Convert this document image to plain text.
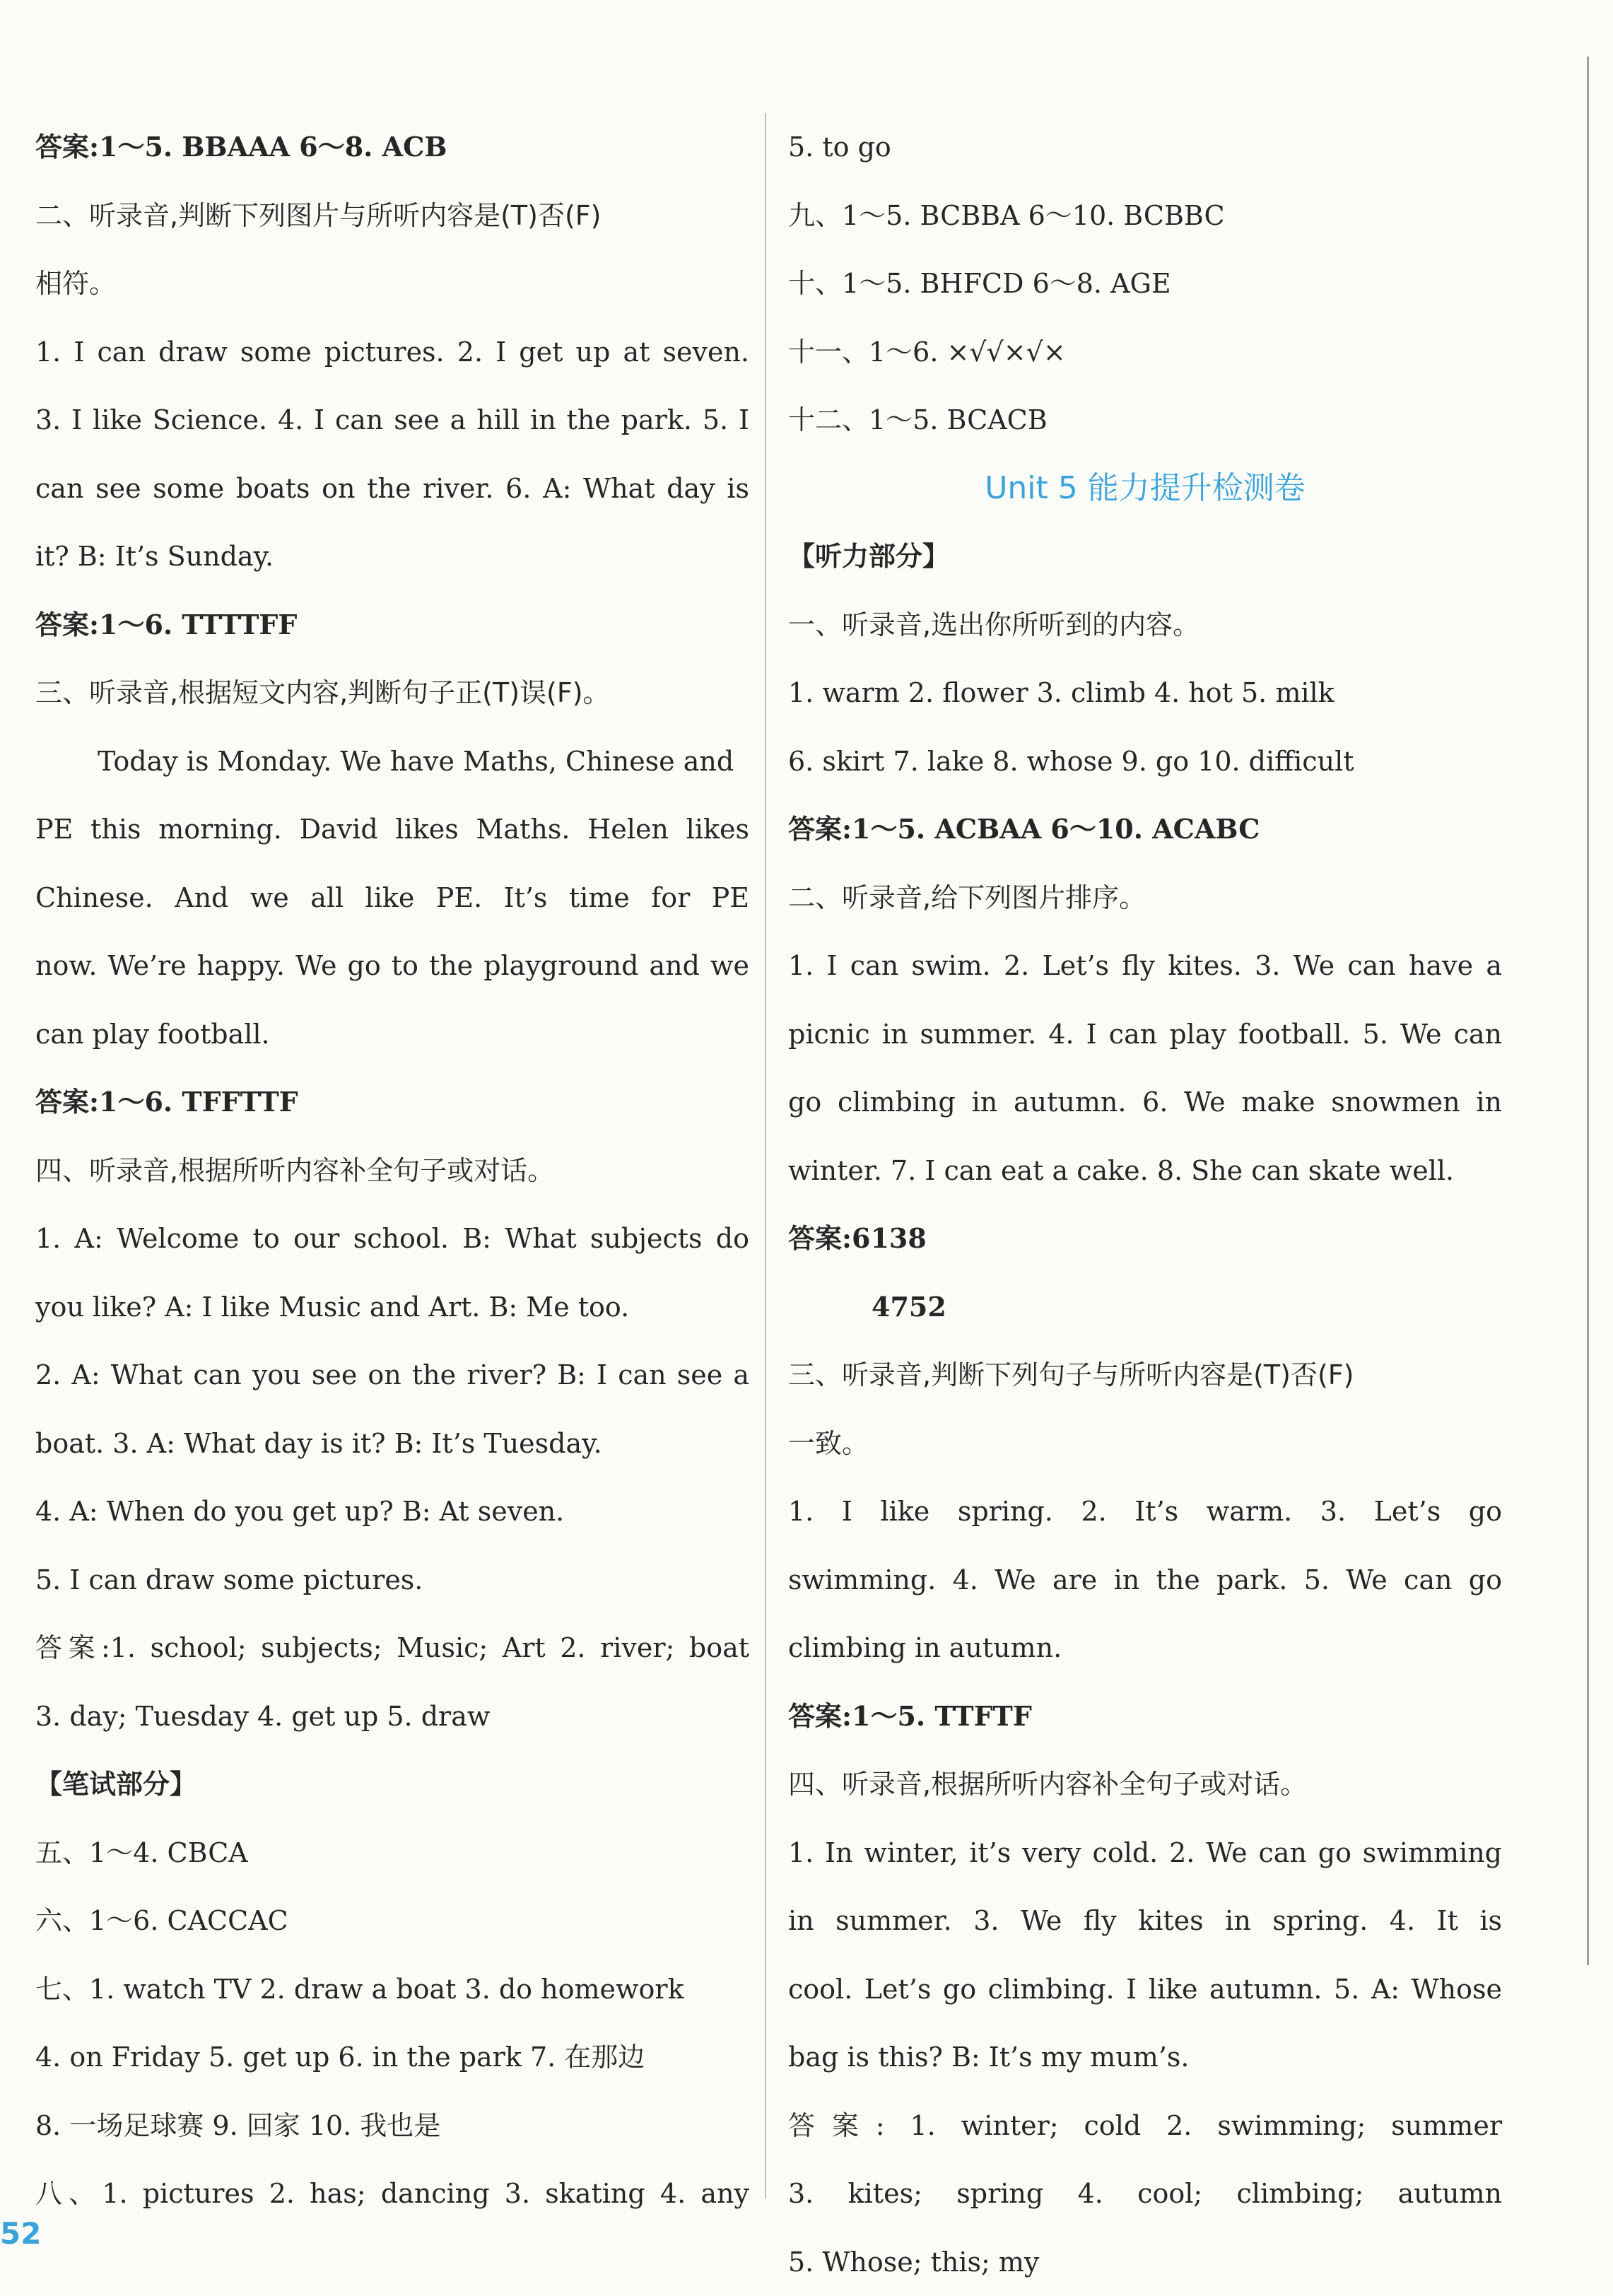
答案:1～5. BBAAA 6～8. ACB
二、听录音,判断下列图片与所听内容是(T)否(F)
相符。
1. I can draw some pictures. 2. I get up at seven.
3. I like Science. 4. I can see a hill in the park. 5. I
can see some boats on the river. 6. A: What day is
it? B: It’s Sunday.
答案:1～6. TTTTFF
三、听录音,根据短文内容,判断句子正(T)误(F)。
Today is Monday. We have Maths, Chinese and
PE this morning. David likes Maths. Helen likes
Chinese. And we all like PE. It’s time for PE
now. We’re happy. We go to the playground and we
can play football.
答案:1～6. TFFTTF
四、听录音,根据所听内容补全句子或对话。
1. A: Welcome to our school. B: What subjects do
you like? A: I like Music and Art. B: Me too.
2. A: What can you see on the river? B: I can see a
boat. 3. A: What day is it? B: It’s Tuesday.
4. A: When do you get up? B: At seven.
5. I can draw some pictures.
答案:1. school; subjects; Music; Art 2. river; boat
3. day; Tuesday 4. get up 5. draw
【笔试部分】
五、1～4. CBCA
六、1～6. CACCAC
七、1. watch TV 2. draw a boat 3. do homework
4. on Friday 5. get up 6. in the park 7. 在那边
8. 一场足球赛 9. 回家 10. 我也是
八、1. pictures 2. has; dancing 3. skating 4. any
5. to go
九、1～5. BCBBA 6～10. BCBBC
十、1～5. BHFCD 6～8. AGE
十一、1～6. ×√√×√×
十二、1～5. BCACB
Unit 5 能力提升检测卷
【听力部分】
一、听录音,选出你所听到的内容。
1. warm 2. flower 3. climb 4. hot 5. milk
6. skirt 7. lake 8. whose 9. go 10. difficult
答案:1～5. ACBAA 6～10. ACABC
二、听录音,给下列图片排序。
1. I can swim. 2. Let’s fly kites. 3. We can have a
picnic in summer. 4. I can play football. 5. We can
go climbing in autumn. 6. We make snowmen in
winter. 7. I can eat a cake. 8. She can skate well.
答案:6138
4752
三、听录音,判断下列句子与所听内容是(T)否(F)
一致。
1. I like spring. 2. It’s warm. 3. Let’s go
swimming. 4. We are in the park. 5. We can go
climbing in autumn.
答案:1～5. TTFTF
四、听录音,根据所听内容补全句子或对话。
1. In winter, it’s very cold. 2. We can go swimming
in summer. 3. We fly kites in spring. 4. It is
cool. Let’s go climbing. I like autumn. 5. A: Whose
bag is this? B: It’s my mum’s.
答案: 1. winter; cold 2. swimming; summer
3. kites; spring 4. cool; climbing; autumn
5. Whose; this; my
52
